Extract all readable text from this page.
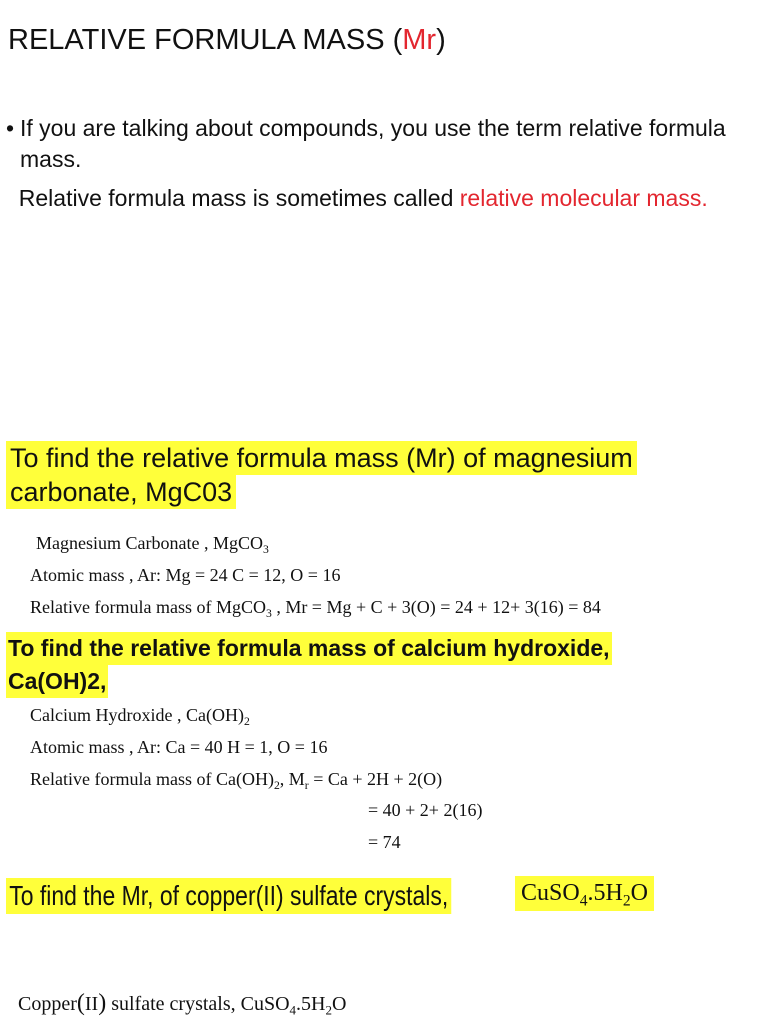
RELATIVE FORMULA MASS (Mr)
• If you are talking about compounds, you use the term relative formula mass.
Relative formula mass is sometimes called relative molecular mass.
To find the relative formula mass (Mr) of magnesium
carbonate, MgC03
Magnesium Carbonate , MgCO$_3$
Atomic mass , Ar: Mg = 24 C = 12, O = 16
Relative formula mass of MgCO$_3$ , Mr = Mg + C + 3(O) = 24 + 12+ 3(16) = 84
To find the relative formula mass of calcium hydroxide,
Ca(OH)2,
Calcium Hydroxide , $Ca(OH)_2$
Atomic mass , Ar: Ca = 40 H = 1, O = 16
Relative formula mass of $Ca(OH)_2$, $M_r = Ca + 2H + 2(O)$
= 40 + 2+ 2(16)
= 74
To find the Mr, of copper(II) sulfate crystals,	$CuSO_4.5H_2O$
Copper(II) sulfate crystals, $CuSO_4.5H_2O$
